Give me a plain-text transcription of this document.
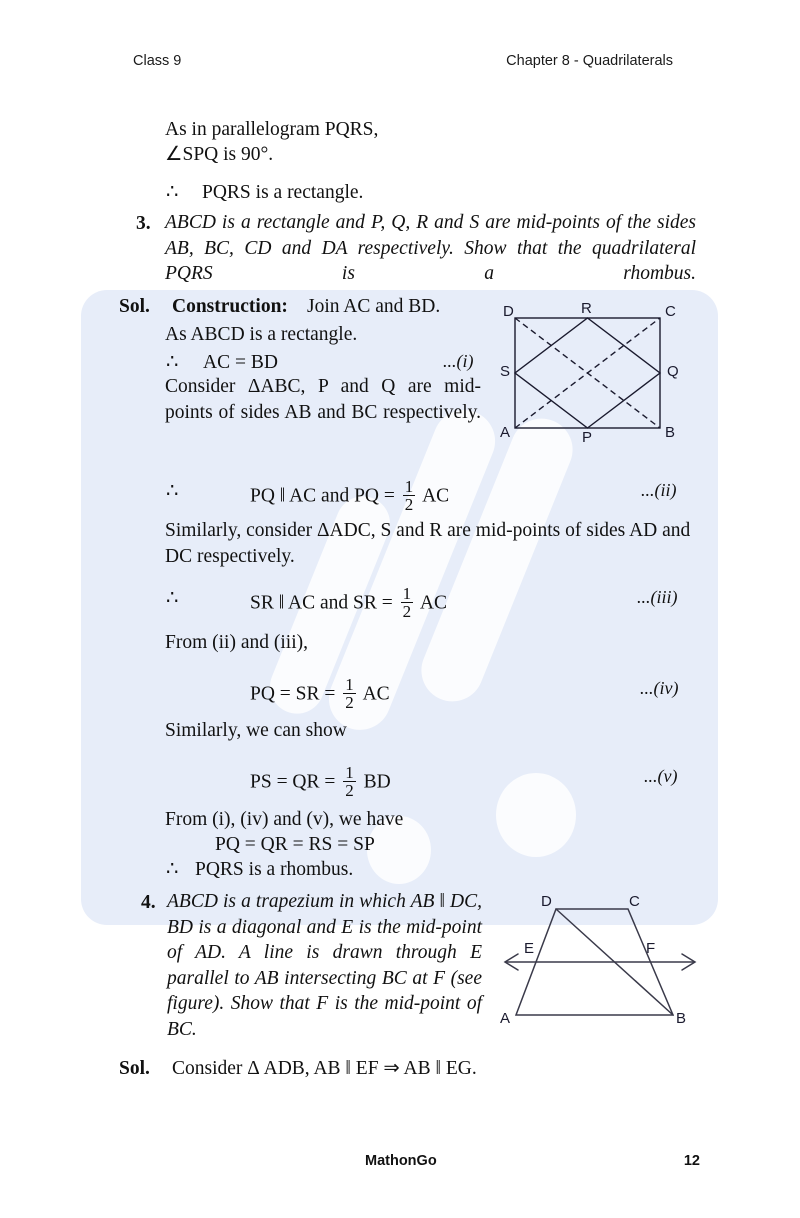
Class 9	Chapter 8 - Quadrilaterals
As in parallelogram PQRS,
∠SPQ is 90°.
∴ PQRS is a rectangle.
3. ABCD is a rectangle and P, Q, R and S are mid-points of the sides AB, BC, CD and DA respectively. Show that the quadrilateral PQRS is a rhombus.
Sol. Construction: Join AC and BD.
As ABCD is a rectangle.
∴ AC = BD	...(i)
Consider ΔABC, P and Q are mid-points of sides AB and BC respectively.
∴	PQ ‖ AC and PQ = $\frac{1}{2}$ AC	...(ii)
Similarly, consider ΔADC, S and R are mid-points of sides AD and DC respectively.
∴	SR ‖ AC and SR = $\frac{1}{2}$ AC	...(iii)
From (ii) and (iii),
PQ = SR = $\frac{1}{2}$ AC	...(iv)
Similarly, we can show
PS = QR = $\frac{1}{2}$ BD	...(v)
From (i), (iv) and (v), we have
PQ = QR = RS = SP
∴ PQRS is a rhombus.
4. ABCD is a trapezium in which AB ‖ DC, BD is a diagonal and E is the mid-point of AD. A line is drawn through E parallel to AB intersecting BC at F (see figure). Show that F is the mid-point of BC.
Sol. Consider Δ ADB, AB ‖ EF ⇒ AB ‖ EG.
D	R	C
S	Q
A	P	B
D	C
E	F
A	B
MathonGo	12
